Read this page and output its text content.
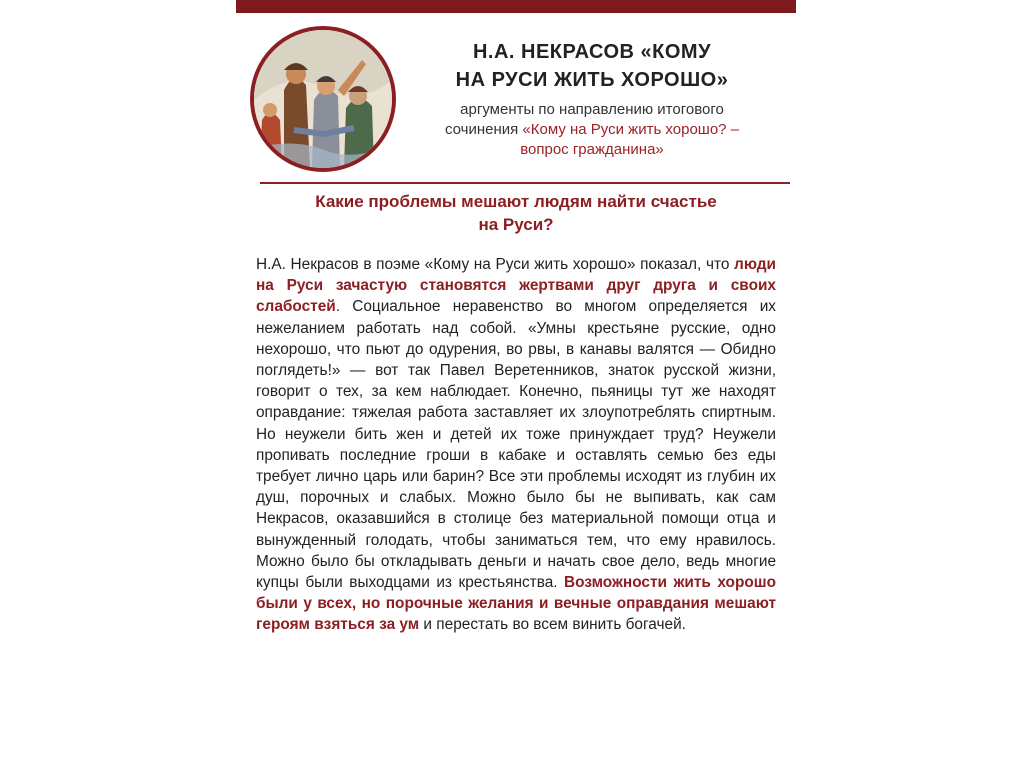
Н.А. НЕКРАСОВ «КОМУ
НА РУСИ ЖИТЬ ХОРОШО»
аргументы по направлению итогового
сочинения «Кому на Руси жить хорошо? –
вопрос гражданина»
Какие проблемы мешают людям найти счастье
на Руси?
Н.А. Некрасов в поэме «Кому на Руси жить хорошо» показал, что люди на Руси зачастую становятся жертвами друг друга и своих слабостей. Социальное неравенство во многом определяется их нежеланием работать над собой. «Умны крестьяне русские, одно нехорошо, что пьют до одурения, во рвы, в канавы валятся — Обидно поглядеть!» — вот так Павел Веретенников, знаток русской жизни, говорит о тех, за кем наблюдает. Конечно, пьяницы тут же находят оправдание: тяжелая работа заставляет их злоупотреблять спиртным. Но неужели бить жен и детей их тоже принуждает труд? Неужели пропивать последние гроши в кабаке и оставлять семью без еды требует лично царь или барин? Все эти проблемы исходят из глубин их душ, порочных и слабых. Можно было бы не выпивать, как сам Некрасов, оказавшийся в столице без материальной помощи отца и вынужденный голодать, чтобы заниматься тем, что ему нравилось. Можно было бы откладывать деньги и начать свое дело, ведь многие купцы были выходцами из крестьянства. Возможности жить хорошо были у всех, но порочные желания и вечные оправдания мешают героям взяться за ум и перестать во всем винить богачей.
